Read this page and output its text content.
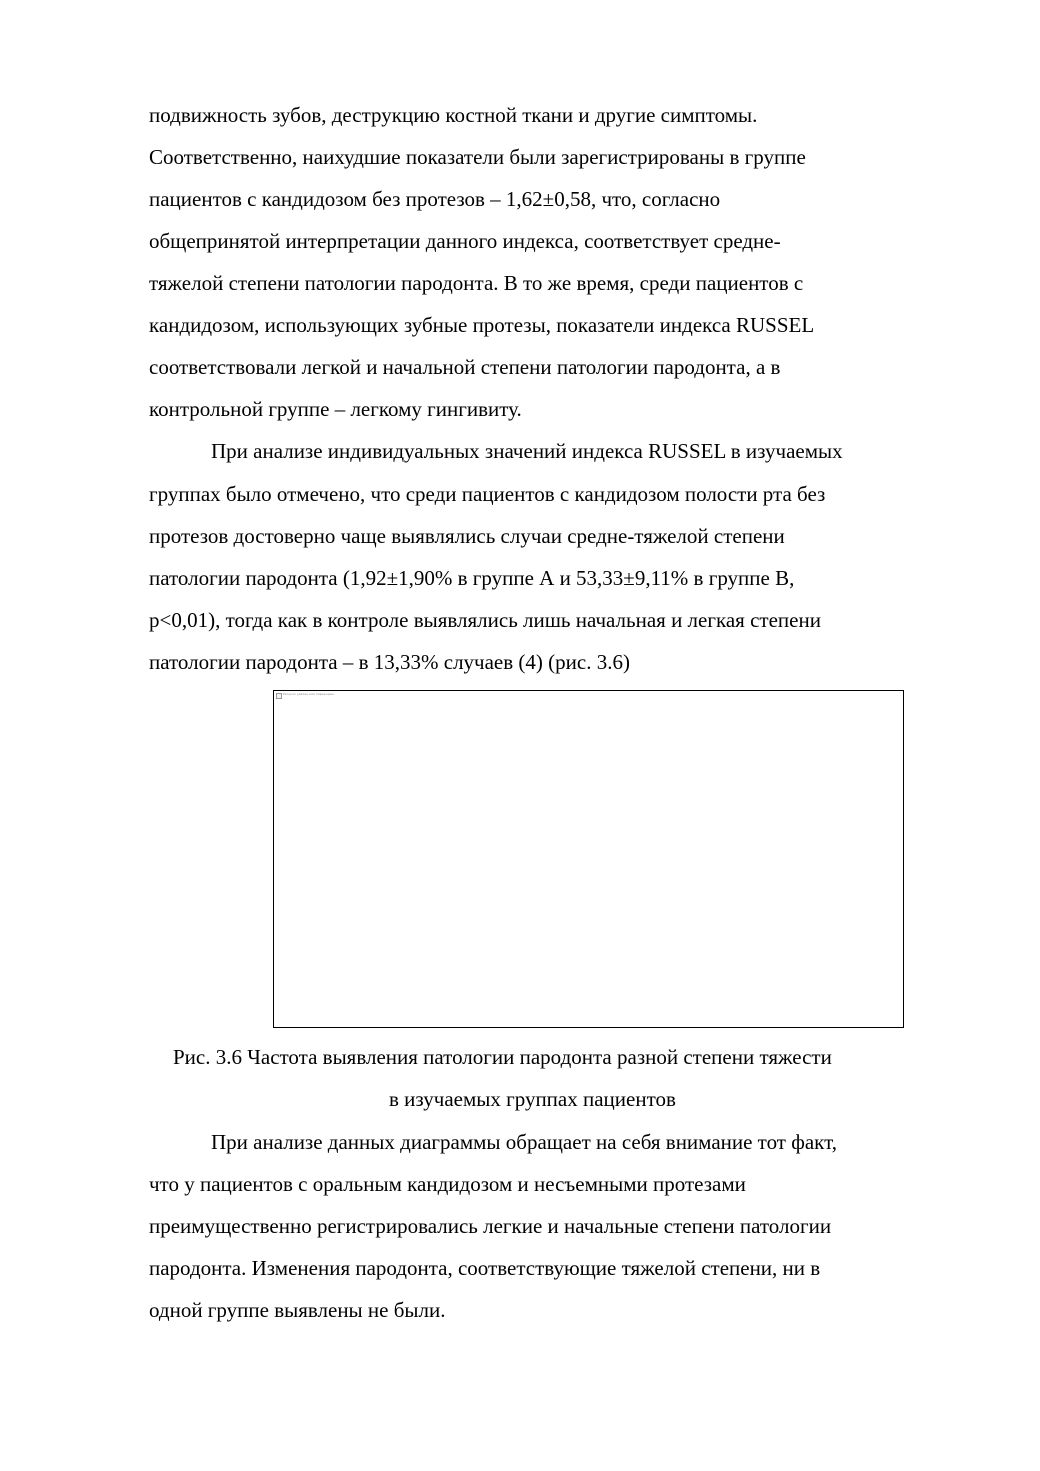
подвижность зубов, деструкцию костной ткани и другие симптомы.
Соответственно, наихудшие показатели были зарегистрированы в группе
пациентов с кандидозом без протезов – 1,62±0,58, что, согласно
общепринятой интерпретации данного индекса, соответствует средне-
тяжелой степени патологии пародонта. В то же время, среди пациентов с
кандидозом, использующих зубные протезы, показатели индекса RUSSEL
соответствовали легкой и начальной степени патологии пародонта, а в
контрольной группе – легкому гингивиту.
При анализе индивидуальных значений индекса RUSSEL в изучаемых
группах было отмечено, что среди пациентов с кандидозом полости рта без
протезов достоверно чаще выявлялись случаи средне-тяжелой степени
патологии пародонта (1,92±1,90% в группе А и 53,33±9,11% в группе В,
p<0,01), тогда как в контроле выявлялись лишь начальная и легкая степени
патологии пародонта – в 13,33% случаев (4) (рис. 3.6)
Рисунок удален или поврежден
Рис. 3.6 Частота выявления патологии пародонта разной степени тяжести
в изучаемых группах пациентов
При анализе данных диаграммы обращает на себя внимание тот факт,
что у пациентов с оральным кандидозом и несъемными протезами
преимущественно регистрировались легкие и начальные степени патологии
пародонта. Изменения пародонта, соответствующие тяжелой степени, ни в
одной группе выявлены не были.
